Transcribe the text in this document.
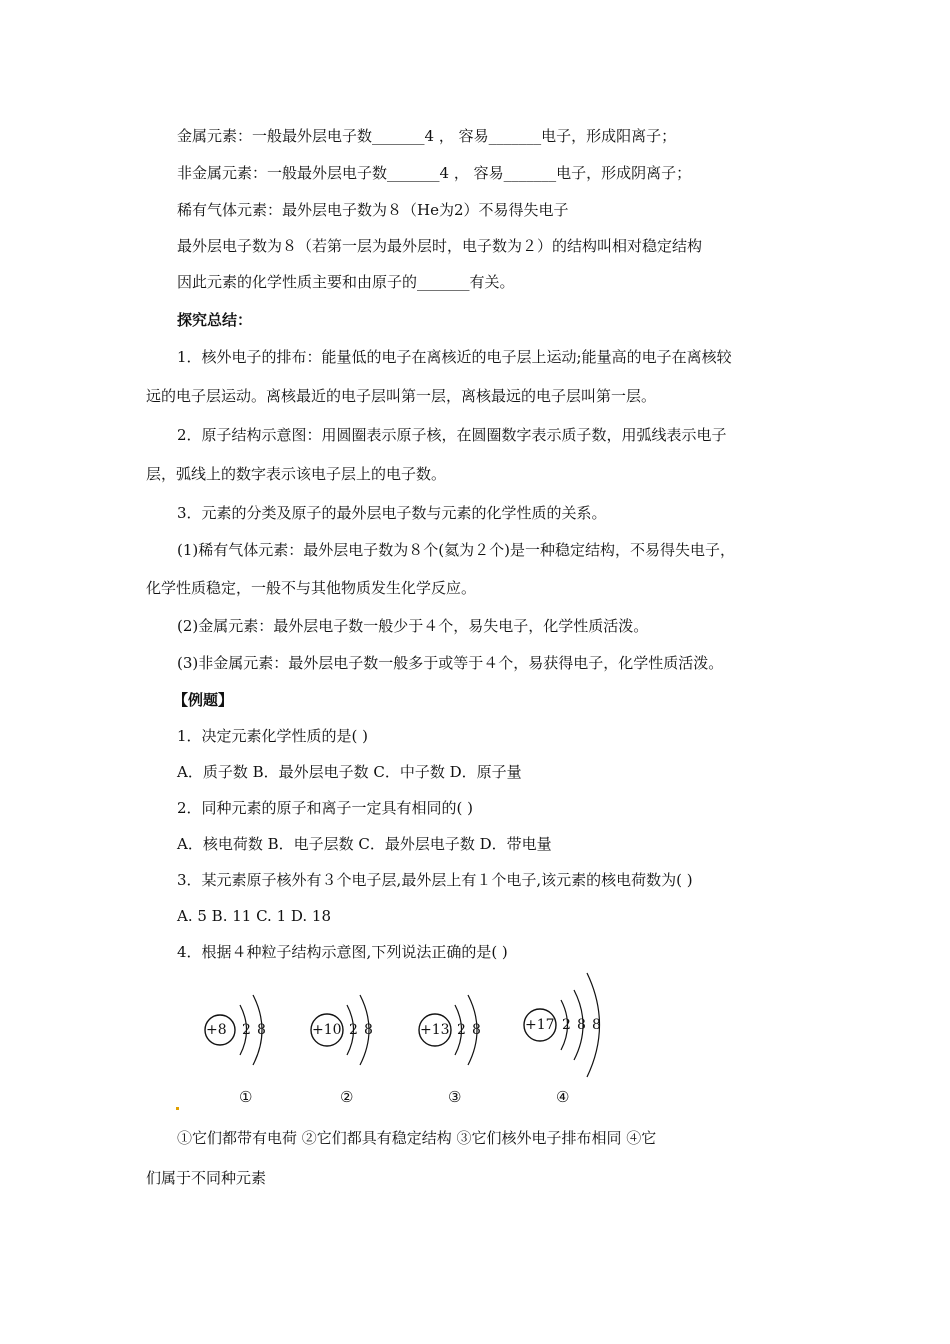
金属元素：一般最外层电子数_______4 ， 容易_______电子，形成阳离子；
非金属元素：一般最外层电子数_______4 ， 容易_______电子，形成阴离子；
稀有气体元素：最外层电子数为８（He为2）不易得失电子
最外层电子数为８（若第一层为最外层时，电子数为２）的结构叫相对稳定结构
因此元素的化学性质主要和由原子的_______有关。
探究总结：
1．核外电子的排布：能量低的电子在离核近的电子层上运动;能量高的电子在离核较
远的电子层运动。离核最近的电子层叫第一层，离核最远的电子层叫第一层。
2．原子结构示意图：用圆圈表示原子核，在圆圈数字表示质子数，用弧线表示电子
层，弧线上的数字表示该电子层上的电子数。
3．元素的分类及原子的最外层电子数与元素的化学性质的关系。
(1)稀有气体元素：最外层电子数为８个(氦为２个)是一种稳定结构，不易得失电子，
化学性质稳定，一般不与其他物质发生化学反应。
(2)金属元素：最外层电子数一般少于４个，易失电子，化学性质活泼。
(3)非金属元素：最外层电子数一般多于或等于４个，易获得电子，化学性质活泼。
【例题】
1．决定元素化学性质的是( )
A．质子数 B．最外层电子数 C．中子数 D．原子量
2．同种元素的原子和离子一定具有相同的( )
A．核电荷数 B．电子层数 C．最外层电子数 D．带电量
3．某元素原子核外有３个电子层,最外层上有１个电子,该元素的核电荷数为( )
A. 5 B. 11 C. 1 D. 18
4．根据４种粒子结构示意图,下列说法正确的是( )
+8 2 8
①
+10 2 8
②
+13 2 8
③
+17 2 8 8
④
①它们都带有电荷 ②它们都具有稳定结构 ③它们核外电子排布相同 ④它
们属于不同种元素
